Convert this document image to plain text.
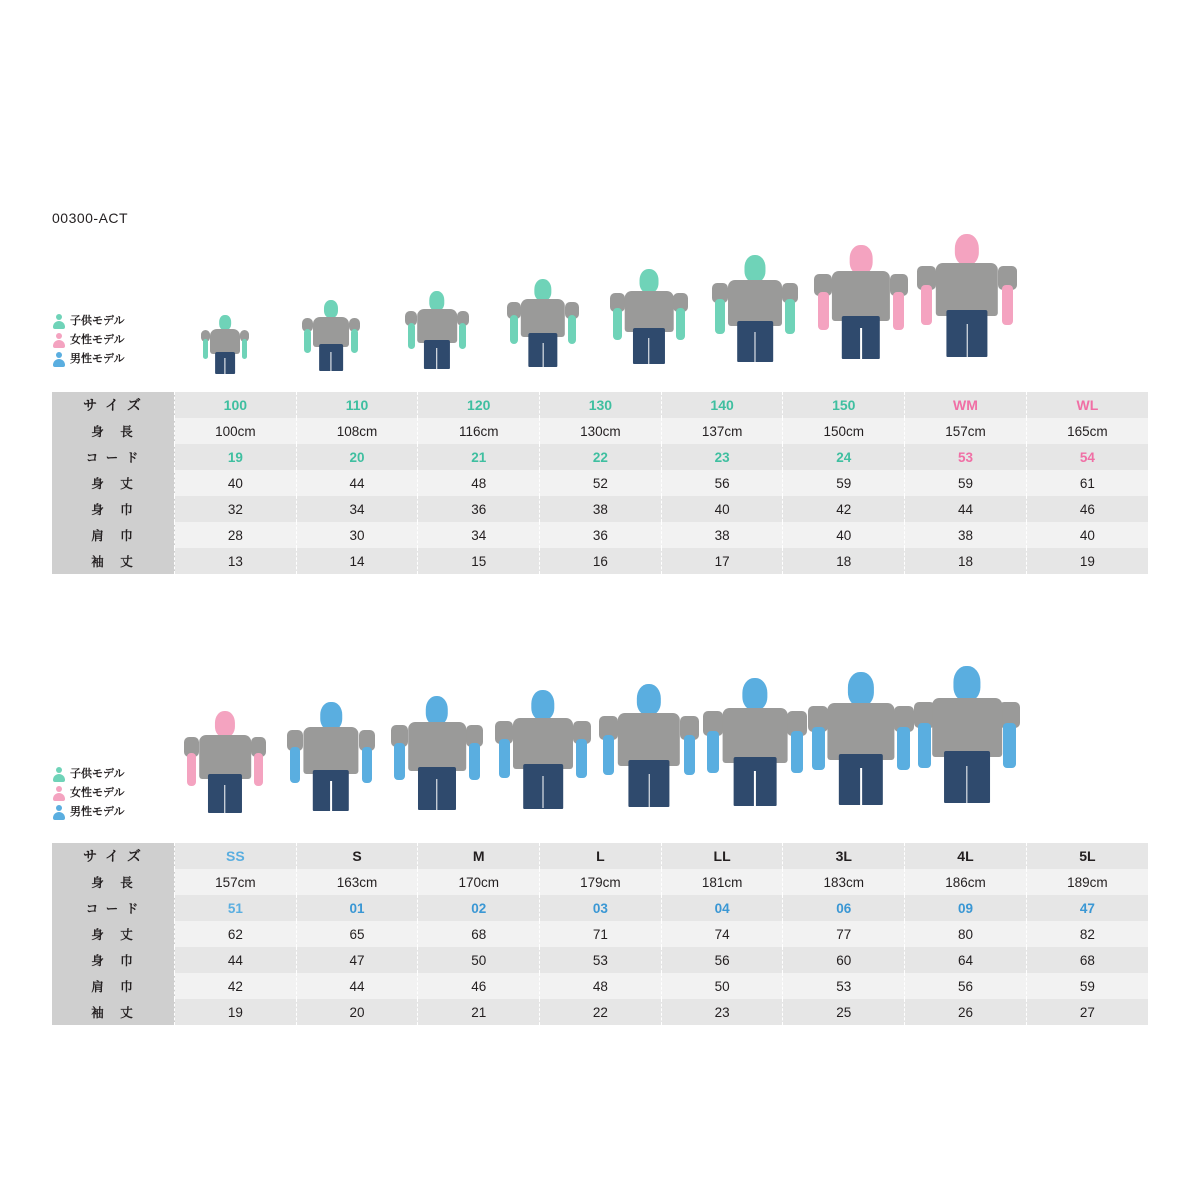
00300-ACT
子供モデル
女性モデル
男性モデル
サ イ ズ	100	110	120	130	140	150	WM	WL
身　長	100cm	108cm	116cm	130cm	137cm	150cm	157cm	165cm
コ ー ド	19	20	21	22	23	24	53	54
身　丈	40	44	48	52	56	59	59	61
身　巾	32	34	36	38	40	42	44	46
肩　巾	28	30	34	36	38	40	38	40
袖　丈	13	14	15	16	17	18	18	19
子供モデル
女性モデル
男性モデル
サ イ ズ	SS	S	M	L	LL	3L	4L	5L
身　長	157cm	163cm	170cm	179cm	181cm	183cm	186cm	189cm
コ ー ド	51	01	02	03	04	06	09	47
身　丈	62	65	68	71	74	77	80	82
身　巾	44	47	50	53	56	60	64	68
肩　巾	42	44	46	48	50	53	56	59
袖　丈	19	20	21	22	23	25	26	27
